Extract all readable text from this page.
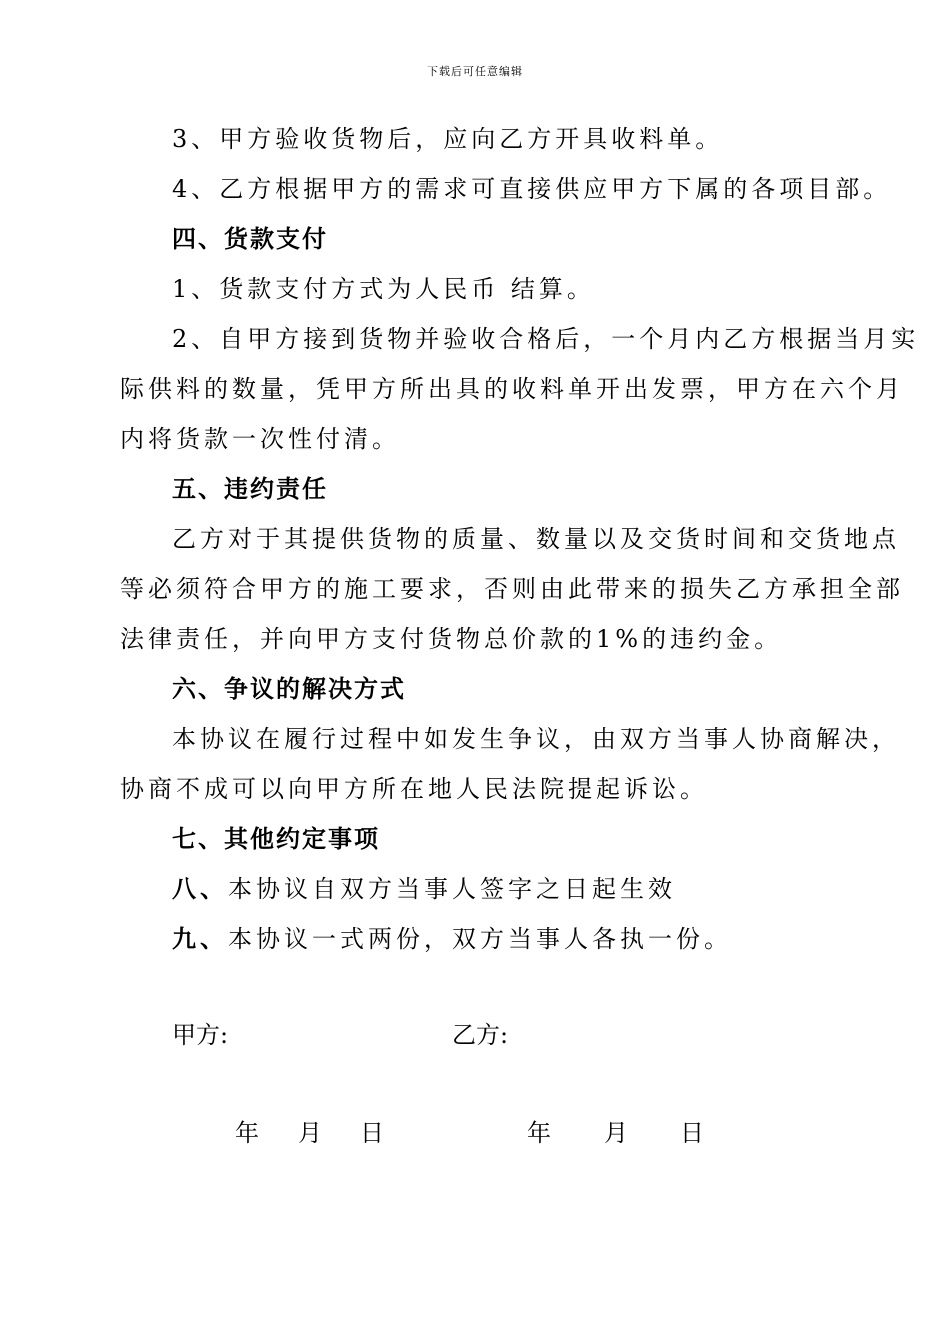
下载后可任意编辑
3、甲方验收货物后，应向乙方开具收料单。
4、乙方根据甲方的需求可直接供应甲方下属的各项目部。
四、货款支付
1、货款支付方式为人民币 结算。
2、自甲方接到货物并验收合格后，一个月内乙方根据当月实
际供料的数量，凭甲方所出具的收料单开出发票，甲方在六个月
内将货款一次性付清。
五、违约责任
乙方对于其提供货物的质量、数量以及交货时间和交货地点
等必须符合甲方的施工要求，否则由此带来的损失乙方承担全部
法律责任，并向甲方支付货物总价款的1%的违约金。
六、争议的解决方式
本协议在履行过程中如发生争议，由双方当事人协商解决，
协商不成可以向甲方所在地人民法院提起诉讼。
七、其他约定事项
八、本协议自双方当事人签字之日起生效
九、本协议一式两份，双方当事人各执一份。
甲方:	乙方:
年 月 日	年 月 日
